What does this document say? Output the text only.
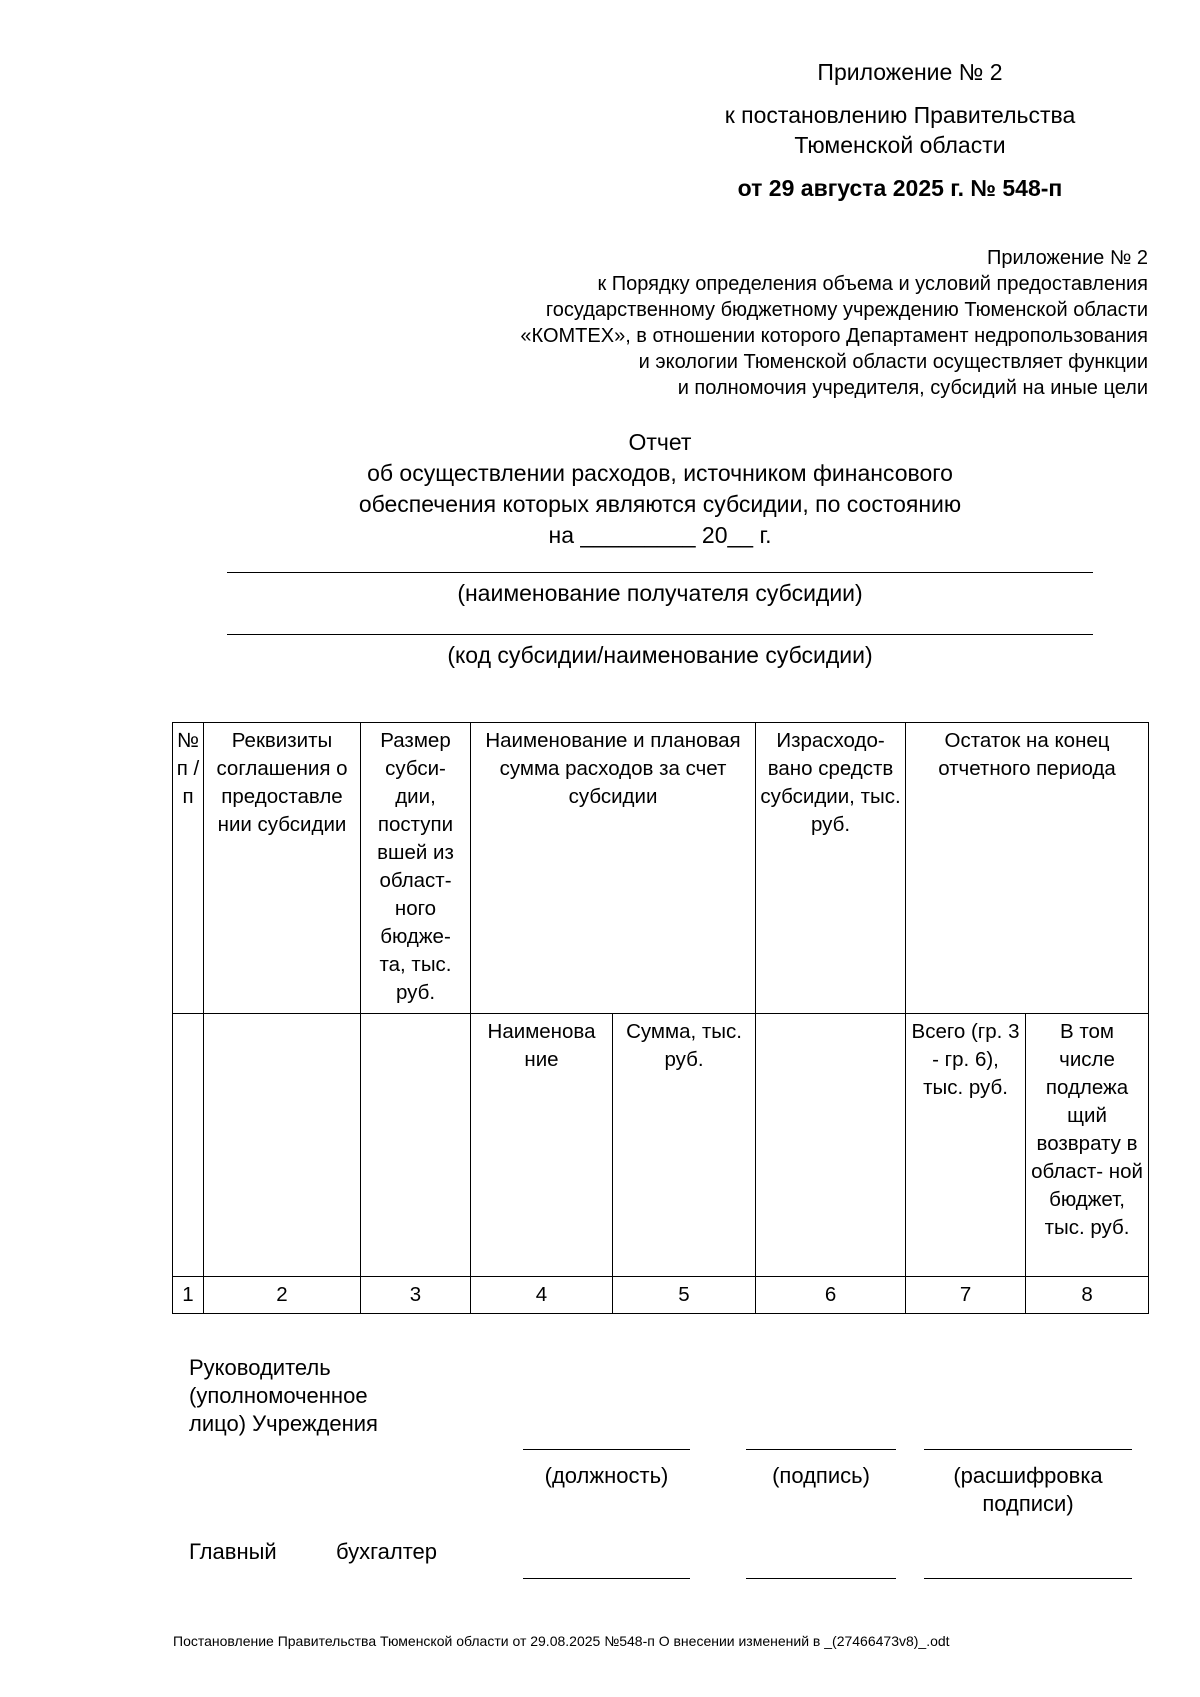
Приложение № 2
к постановлению Правительства
Тюменской области
от 29 августа 2025 г. № 548-п
Приложение № 2
к Порядку определения объема и условий предоставления
государственному бюджетному учреждению Тюменской области
«КОМТЕХ», в отношении которого Департамент недропользования
и экологии Тюменской области осуществляет функции
и полномочия учредителя, субсидий на иные цели
Отчет
об осуществлении расходов, источником финансового
обеспечения которых являются субсидии, по состоянию
на _________ 20__ г.
(наименование получателя субсидии)
(код субсидии/наименование субсидии)
№ п / п	Реквизиты соглашения о предоставле нии субсидии	Размер субси- дии, поступи вшей из област- ного бюдже- та, тыс. руб.	Наименование и плановая сумма расходов за счет субсидии		Израсходо- вано средств субсидии, тыс. руб.	Остаток на конец отчетного периода	
			Наименова ние	Сумма, тыс. руб.		Всего (гр. 3 - гр. 6), тыс. руб.	В том числе подлежа щий возврату в област- ной бюджет, тыс. руб.
1	2	3	4	5	6	7	8
Руководитель (уполномоченное лицо) Учреждения
(должность)	(подпись)	(расшифровка подписи)
Главный	бухгалтер
Постановление Правительства Тюменской области от 29.08.2025 №548-п О внесении изменений в _(27466473v8)_.odt
